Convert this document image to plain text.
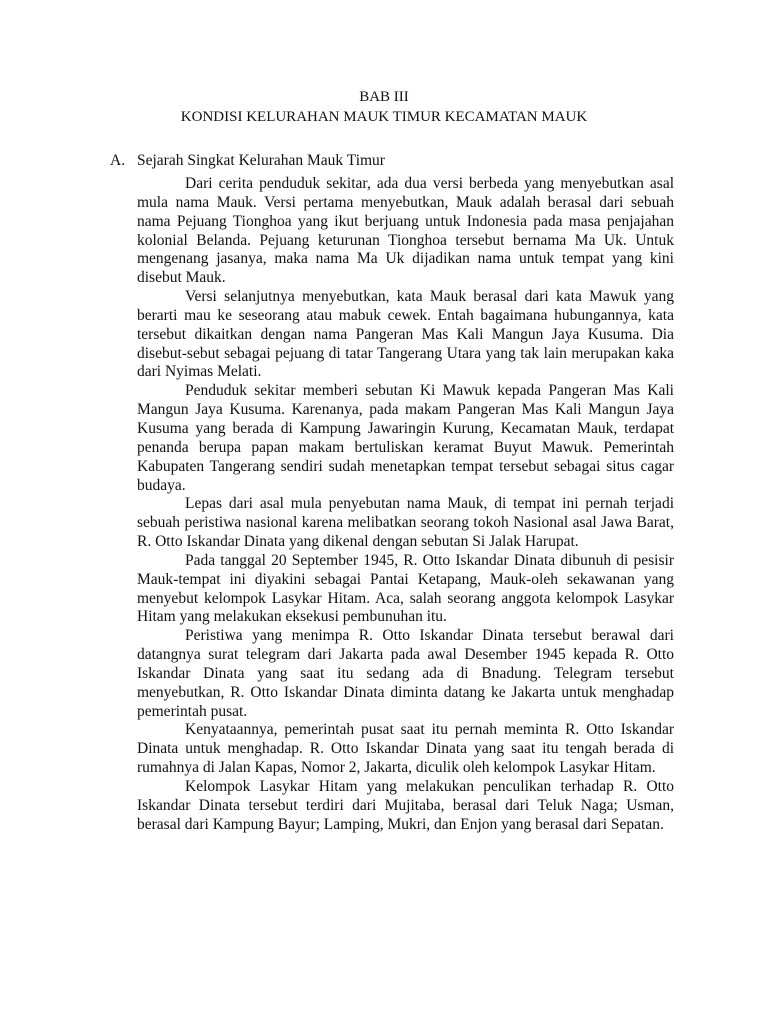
BAB III
KONDISI KELURAHAN MAUK TIMUR KECAMATAN MAUK
A. Sejarah Singkat Kelurahan Mauk Timur

Dari cerita penduduk sekitar, ada dua versi berbeda yang menyebutkan asal mula nama Mauk. Versi pertama menyebutkan, Mauk adalah berasal dari sebuah nama Pejuang Tionghoa yang ikut berjuang untuk Indonesia pada masa penjajahan kolonial Belanda. Pejuang keturunan Tionghoa tersebut bernama Ma Uk. Untuk mengenang jasanya, maka nama Ma Uk dijadikan nama untuk tempat yang kini disebut Mauk.

Versi selanjutnya menyebutkan, kata Mauk berasal dari kata Mawuk yang berarti mau ke seseorang atau mabuk cewek. Entah bagaimana hubungannya, kata tersebut dikaitkan dengan nama Pangeran Mas Kali Mangun Jaya Kusuma. Dia disebut-sebut sebagai pejuang di tatar Tangerang Utara yang tak lain merupakan kaka dari Nyimas Melati.

Penduduk sekitar memberi sebutan Ki Mawuk kepada Pangeran Mas Kali Mangun Jaya Kusuma. Karenanya, pada makam Pangeran Mas Kali Mangun Jaya Kusuma yang berada di Kampung Jawaringin Kurung, Kecamatan Mauk, terdapat penanda berupa papan makam bertuliskan keramat Buyut Mawuk. Pemerintah Kabupaten Tangerang sendiri sudah menetapkan tempat tersebut sebagai situs cagar budaya.

Lepas dari asal mula penyebutan nama Mauk, di tempat ini pernah terjadi sebuah peristiwa nasional karena melibatkan seorang tokoh Nasional asal Jawa Barat, R. Otto Iskandar Dinata yang dikenal dengan sebutan Si Jalak Harupat.

Pada tanggal 20 September 1945, R. Otto Iskandar Dinata dibunuh di pesisir Mauk-tempat ini diyakini sebagai Pantai Ketapang, Mauk-oleh sekawanan yang menyebut kelompok Lasykar Hitam. Aca, salah seorang anggota kelompok Lasykar Hitam yang melakukan eksekusi pembunuhan itu.

Peristiwa yang menimpa R. Otto Iskandar Dinata tersebut berawal dari datangnya surat telegram dari Jakarta pada awal Desember 1945 kepada R. Otto Iskandar Dinata yang saat itu sedang ada di Bnadung. Telegram tersebut menyebutkan, R. Otto Iskandar Dinata diminta datang ke Jakarta untuk menghadap pemerintah pusat.

Kenyataannya, pemerintah pusat saat itu pernah meminta R. Otto Iskandar Dinata untuk menghadap. R. Otto Iskandar Dinata yang saat itu tengah berada di rumahnya di Jalan Kapas, Nomor 2, Jakarta, diculik oleh kelompok Lasykar Hitam.

Kelompok Lasykar Hitam yang melakukan penculikan terhadap R. Otto Iskandar Dinata tersebut terdiri dari Mujitaba, berasal dari Teluk Naga; Usman, berasal dari Kampung Bayur; Lamping, Mukri, dan Enjon yang berasal dari Sepatan.
